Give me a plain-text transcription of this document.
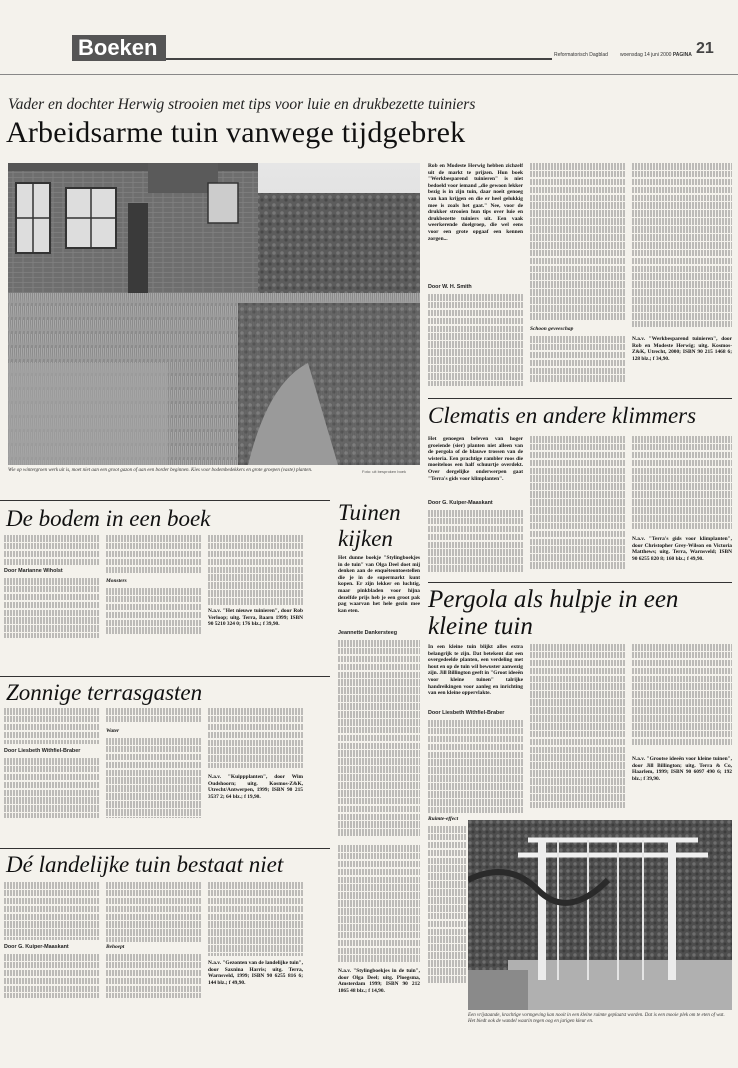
Boeken	Reformatorisch Dagblad woensdag 14 juni 2000 PAGINA 21
Vader en dochter Herwig strooien met tips voor luie en drukbezette tuiniers
Arbeidsarme tuin vanwege tijdgebrek
Wie op wintergroen werk uit is, moet niet aan een groot gazon of aan een border beginnen. Kies voor bodembedekkers en grote groepen (vaste) planten.	Foto: uit besproken boek

Rob en Modeste Herwig hebben zichzelf uit de markt te prijzen. Hun boek "Werkbesparend tuinieren" is niet bedoeld voor iemand „die gewoon lekker bezig is in zijn tuin, daar noeit genoeg van kan krijgen en die er heel gelukkig mee is zoals het gaat." Nee, voor de drukker strooien hun tips over luie en drukbezette tuiniers uit. Een vaak weerkerende doelgroep, die wel eens voor een grote opgaaf een kennen zorgen...

Door W. H. Smith
Schoon geveeschap

N.a.v. "Werkbesparend tuinieren", door Rob en Modeste Herwig; uitg. Kosmos-Z&K, Utrecht, 2000; ISBN 90 215 1468 6; 128 blz.; f 34,90.

Clematis en andere klimmers

Het genoegen beleven van hoger groeiende (sier) planten niet alleen van de pergola of de blauwe trossen van de wisteria. Een prachtige rambler roos die moeiteloos een half schuurtje overdekt. Over dergelijke onderwerpen gaat "Terra's gids voor klimplanten".

Door G. Kuiper-Maaskant

N.a.v. "Terra's gids voor klimplanten", door Christopher Grey-Wilson en Victoria Matthews; uitg. Terra, Warnsveld; ISBN 90 6255 820 8; 160 blz.; f 49,90.

De bodem in een boek
Door Marianne Wiholst
Monsters

N.a.v. "Het nieuwe tuinieren", door Rob Verloop; uitg. Terra, Baarn 1999; ISBN 90 5210 324 0; 176 blz.; f 39,90.

Tuinen kijken

Het dunne boekje "Stylingboekjes in de tuin" van Olga Deel doet mij denken aan de enquêteontoestellen die je in de supermarkt kunt kopen. Er zijn lekker en luchtig, maar pinkbladen voor hijna dezelfde prijs heb je een groot pak pag waarvan het hele gezin mee kan eten.

Jeannette Dankersteeg

N.a.v. "Stylingboekjes in de tuin", door Olga Deel; uitg. Ploegsma, Amsterdam 1999; ISBN 90 212 1865 48 blz.; f 14,90.

Pergola als hulpje in een kleine tuin

In een kleine tuin blijkt alles extra belangrijk te zijn. Dat betekent dat een overgedeelde planten, een verdeling met hout en op de tuin wil bewuster aanwezig zijn. Jill Billington geeft in "Groot ideeën voor kleine tuinen" talrijke handreikingen voor aanleg en inrichting van een kleine oppervlakte.

Door Liesbeth Withfiel-Braber

N.a.v. "Grootse ideeën voor kleine tuinen", door Jill Billington; uitg. Terra & Co, Haarlem, 1999; ISBN 90 6097 490 6; 192 blz.; f 39,90.

Ruimte-effect
Een vrijstaande, krachtige vormgeving kan nooit in een kleine ruimte geplaatst worden. Dat is een mooie plek om te eten of wat. Het biedt ook de wandel waarin tegen oog en jarigen kleur en.
Zonnige terrasgasten
Door Liesbeth Withfiel-Braber
Water

N.a.v. "Kuippplanten", door Wim Oudshoorn; uitg. Kosmos-Z&K, Utrecht/Antwerpen, 1999; ISBN 90 215 3537 2; 64 blz.; f 19,90.

Dé landelijke tuin bestaat niet
Door G. Kuiper-Maaskant	Behoept

N.a.v. "Gezonten van de landelijke tuin", door Saxnina Harris; uitg. Terra, Warnsveld, 1999; ISBN 90 6255 816 6; 144 blz.; f 49,90.
